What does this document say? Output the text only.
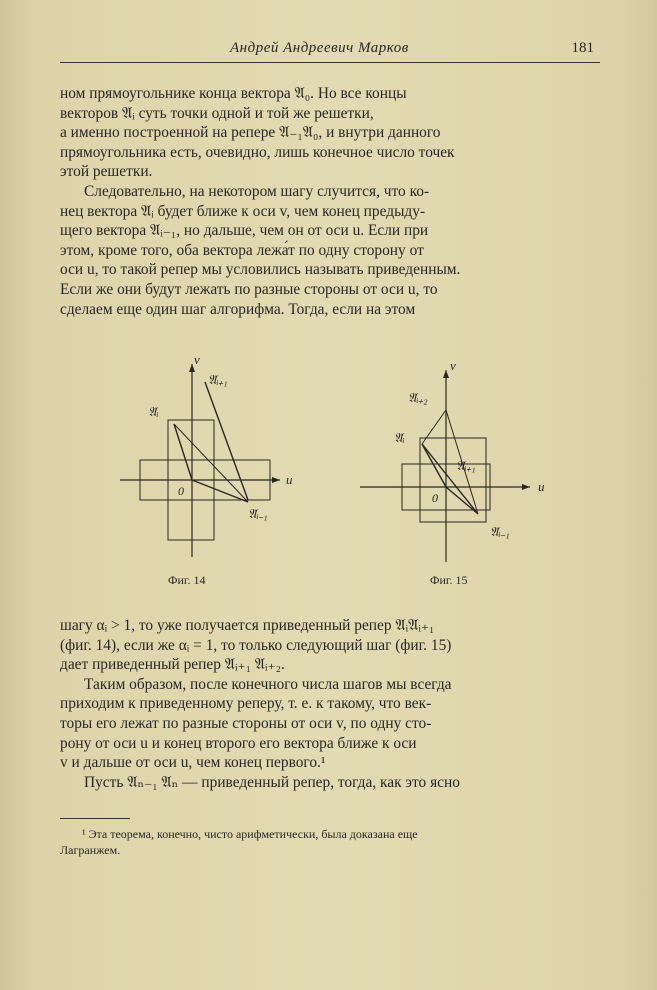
Андрей Андреевич Марков	181
ном прямоугольнике конца вектора 𝔄₀. Но все концы
векторов 𝔄ᵢ суть точки одной и той же решетки,
а именно построенной на репере 𝔄₋₁𝔄₀, и внутри данного
прямоугольника есть, очевидно, лишь конечное число точек
этой решетки.
Следовательно, на некотором шагу случится, что ко-
нец вектора 𝔄ᵢ будет ближе к оси v, чем конец предыду-
щего вектора 𝔄ᵢ₋₁, но дальше, чем он от оси u. Если при
этом, кроме того, оба вектора лежа́т по одну сторону от
оси u, то такой репер мы условились называть приведенным.
Если же они будут лежать по разные стороны от оси u, то
сделаем еще один шаг алгорифма. Тогда, если на этом
v
u
0
𝔄ᵢ
𝔄ᵢ₊₁
𝔄ᵢ₋₁
Фиг. 14
v
u
0
𝔄ᵢ
𝔄ᵢ₊₁
𝔄ᵢ₊₂
𝔄ᵢ₋₁
Фиг. 15
шагу αᵢ > 1, то уже получается приведенный репер 𝔄ᵢ𝔄ᵢ₊₁
(фиг. 14), если же αᵢ = 1, то только следующий шаг (фиг. 15)
дает приведенный репер 𝔄ᵢ₊₁ 𝔄ᵢ₊₂.
Таким образом, после конечного числа шагов мы всегда
приходим к приведенному реперу, т. е. к такому, что век-
торы его лежат по разные стороны от оси v, по одну сто-
рону от оси u и конец второго его вектора ближе к оси
v и дальше от оси u, чем конец первого.¹
Пусть 𝔄ₙ₋₁ 𝔄ₙ — приведенный репер, тогда, как это ясно
¹ Эта теорема, конечно, чисто арифметически, была доказана еще
Лагранжем.
